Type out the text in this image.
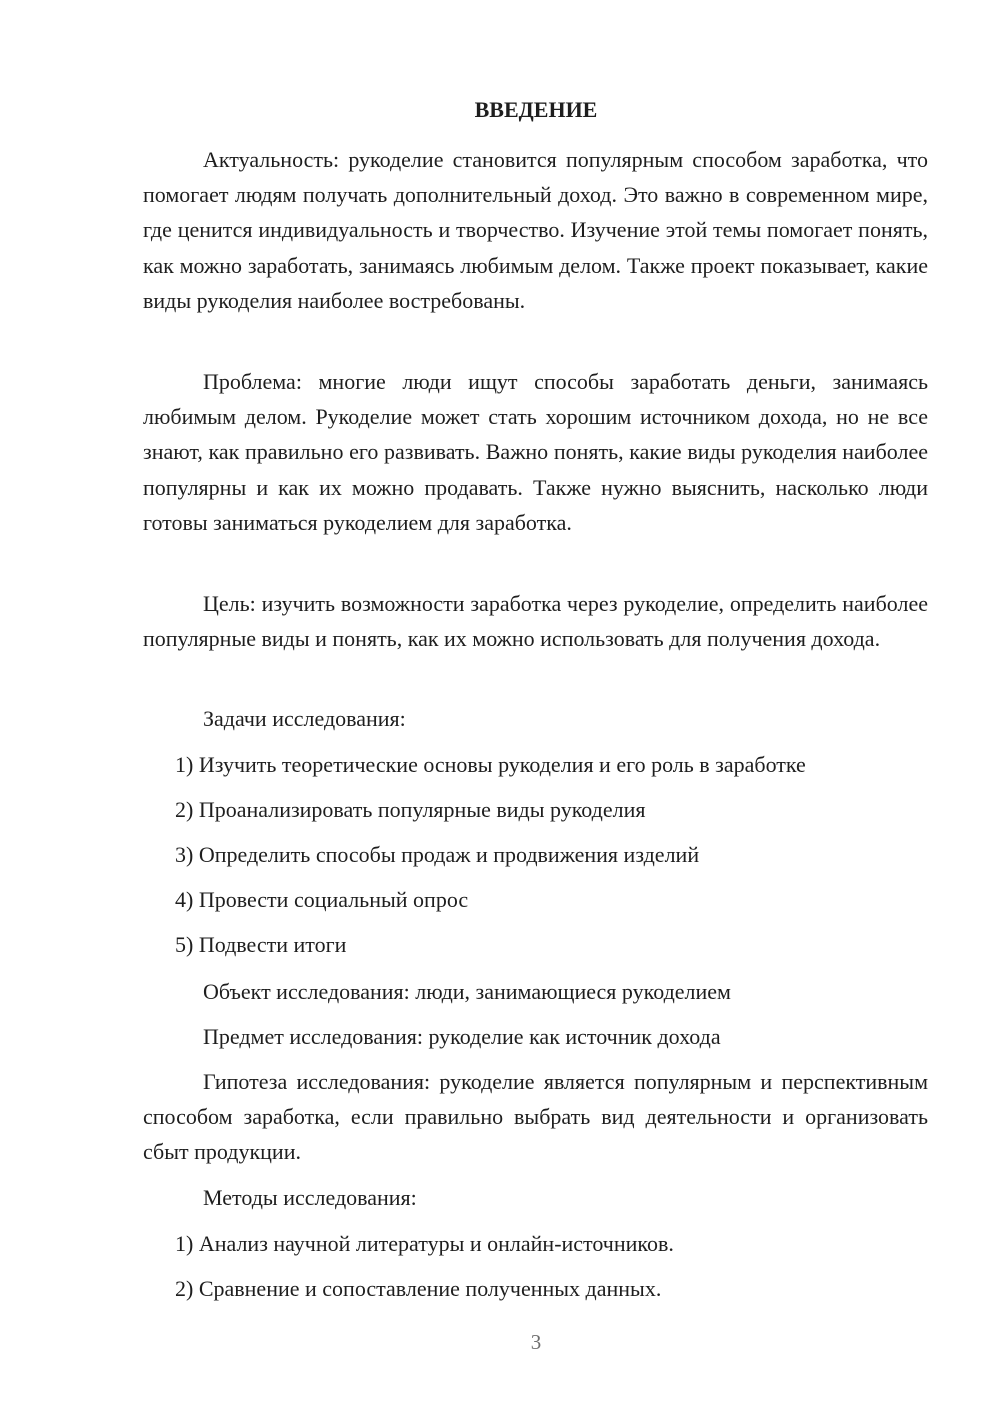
ВВЕДЕНИЕ

Актуальность: рукоделие становится популярным способом заработка, что помогает людям получать дополнительный доход. Это важно в современном мире, где ценится индивидуальность и творчество. Изучение этой темы помогает понять, как можно заработать, занимаясь любимым делом. Также проект показывает, какие виды рукоделия наиболее востребованы.

Проблема: многие люди ищут способы заработать деньги, занимаясь любимым делом. Рукоделие может стать хорошим источником дохода, но не все знают, как правильно его развивать. Важно понять, какие виды рукоделия наиболее популярны и как их можно продавать. Также нужно выяснить, насколько люди готовы заниматься рукоделием для заработка.

Цель: изучить возможности заработка через рукоделие, определить наиболее популярные виды и понять, как их можно использовать для получения дохода.

Задачи исследования:

1) Изучить теоретические основы рукоделия и его роль в заработке

2) Проанализировать популярные виды рукоделия

3) Определить способы продаж и продвижения изделий

4) Провести социальный опрос

5) Подвести итоги

Объект исследования: люди, занимающиеся рукоделием

Предмет исследования: рукоделие как источник дохода

Гипотеза исследования: рукоделие является популярным и перспективным способом заработка, если правильно выбрать вид деятельности и организовать сбыт продукции.

Методы исследования:

1) Анализ научной литературы и онлайн-источников.

2) Сравнение и сопоставление полученных данных.

3
